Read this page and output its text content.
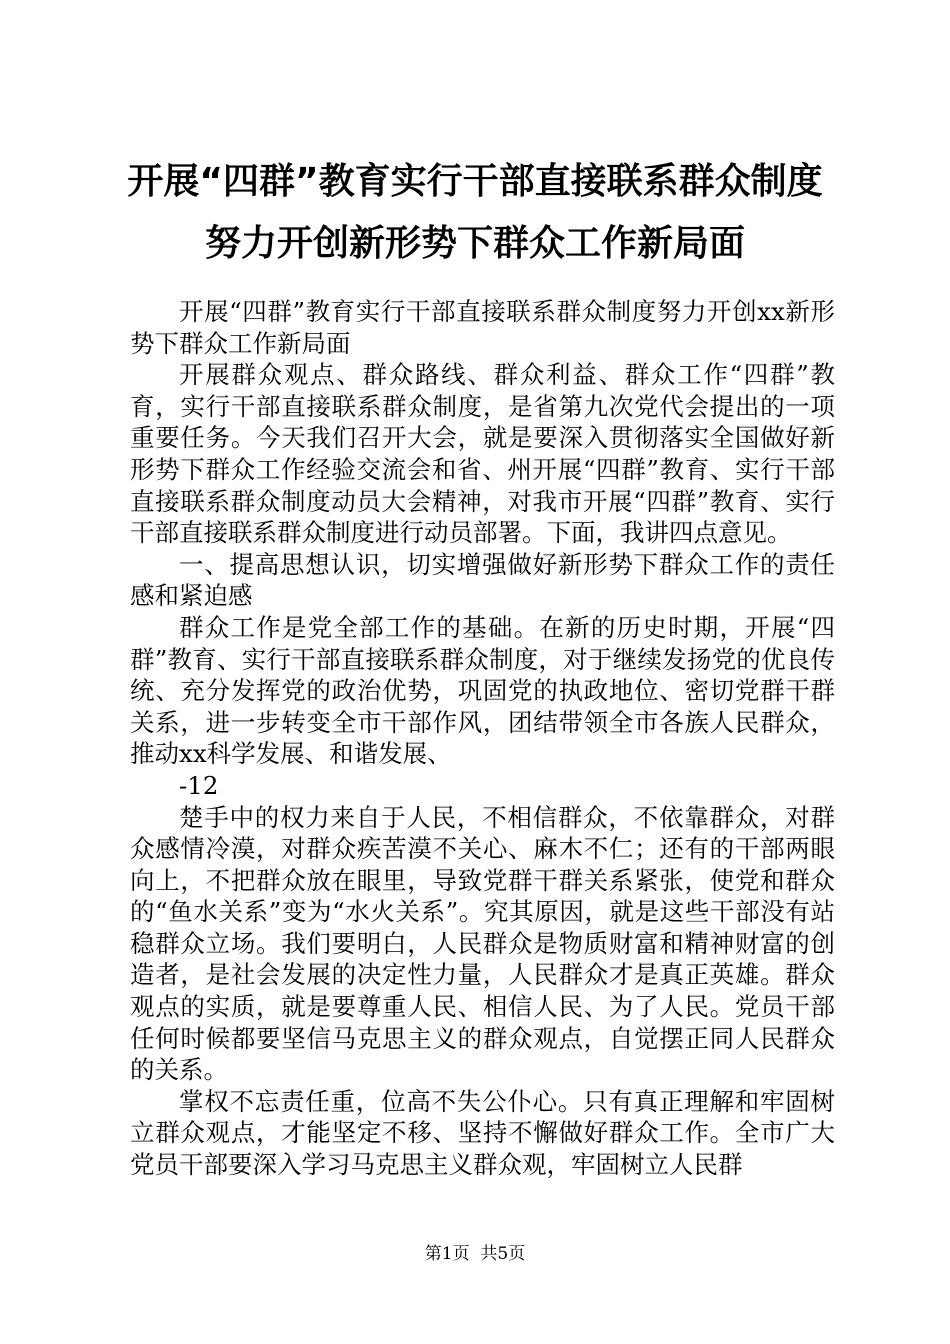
开展“四群”教育实行干部直接联系群众制度
努力开创新形势下群众工作新局面

开展“四群”教育实行干部直接联系群众制度努力开创xx新形势下群众工作新局面

开展群众观点、群众路线、群众利益、群众工作“四群”教育，实行干部直接联系群众制度，是省第九次党代会提出的一项重要任务。今天我们召开大会，就是要深入贯彻落实全国做好新形势下群众工作经验交流会和省、州开展“四群”教育、实行干部直接联系群众制度动员大会精神，对我市开展“四群”教育、实行干部直接联系群众制度进行动员部署。下面，我讲四点意见。

一、提高思想认识，切实增强做好新形势下群众工作的责任感和紧迫感

群众工作是党全部工作的基础。在新的历史时期，开展“四群”教育、实行干部直接联系群众制度，对于继续发扬党的优良传统、充分发挥党的政治优势，巩固党的执政地位、密切党群干群关系，进一步转变全市干部作风，团结带领全市各族人民群众，推动xx科学发展、和谐发展、

-12

楚手中的权力来自于人民，不相信群众，不依靠群众，对群众感情冷漠，对群众疾苦漠不关心、麻木不仁；还有的干部两眼向上，不把群众放在眼里，导致党群干群关系紧张，使党和群众的“鱼水关系”变为“水火关系”。究其原因，就是这些干部没有站稳群众立场。我们要明白，人民群众是物质财富和精神财富的创造者，是社会发展的决定性力量，人民群众才是真正英雄。群众观点的实质，就是要尊重人民、相信人民、为了人民。党员干部任何时候都要坚信马克思主义的群众观点，自觉摆正同人民群众的关系。

掌权不忘责任重，位高不失公仆心。只有真正理解和牢固树立群众观点，才能坚定不移、坚持不懈做好群众工作。全市广大党员干部要深入学习马克思主义群众观，牢固树立人民群

第1页  共5页
